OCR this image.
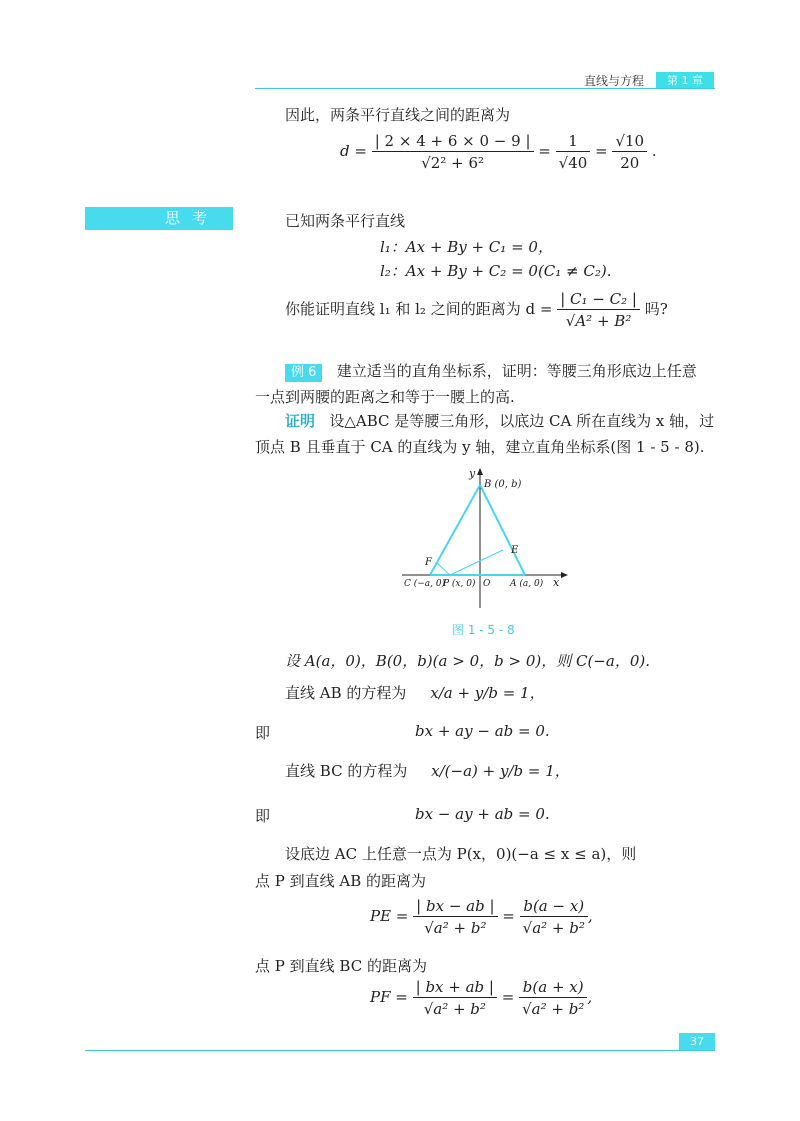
直线与方程	第 1 章
因此，两条平行直线之间的距离为
$d = \frac{| 2 \times 4 + 6 \times 0 - 9 |}{\text{√2² + 6²}} = \frac{1}{√40} = \frac{√10}{20}$ .
思考	已知两条平行直线
l₁：Ax + By + C₁ = 0，
l₂：Ax + By + C₂ = 0(C₁ ≠ C₂).
你能证明直线 l₁ 和 l₂ 之间的距离为 $d = \frac{\text{| C₁ − C₂ |}}{\text{√A² + B²}}$ 吗?
例 6 建立适当的直角坐标系，证明：等腰三角形底边上任意
一点到两腰的距离之和等于一腰上的高.
证明 设△ABC 是等腰三角形，以底边 CA 所在直线为 x 轴，过
顶点 B 且垂直于 CA 的直线为 y 轴，建立直角坐标系(图 1 - 5 - 8).
y
x
B (0, b)
E
F
C (−a, 0)
P (x, 0) O A (a, 0)
图 1 - 5 - 8
设 A(a，0)，B(0，b)(a > 0，b > 0)，则 C(−a，0).
直线 AB 的方程为 x/a + y/b = 1，
即	bx + ay − ab = 0.
直线 BC 的方程为 x/(−a) + y/b = 1，
即	bx − ay + ab = 0.
设底边 AC 上任意一点为 P(x，0)(−a ≤ x ≤ a)，则
点 P 到直线 AB 的距离为
PE = $\frac{| bx - ab |}{\text{√a² + b²}} = \frac{b(a - x)}{\text{√a² + b²}}$ ,
点 P 到直线 BC 的距离为
PF = $\frac{| bx + ab |}{\text{√a² + b²}} = \frac{b(a + x)}{\text{√a² + b²}}$ ,
37
